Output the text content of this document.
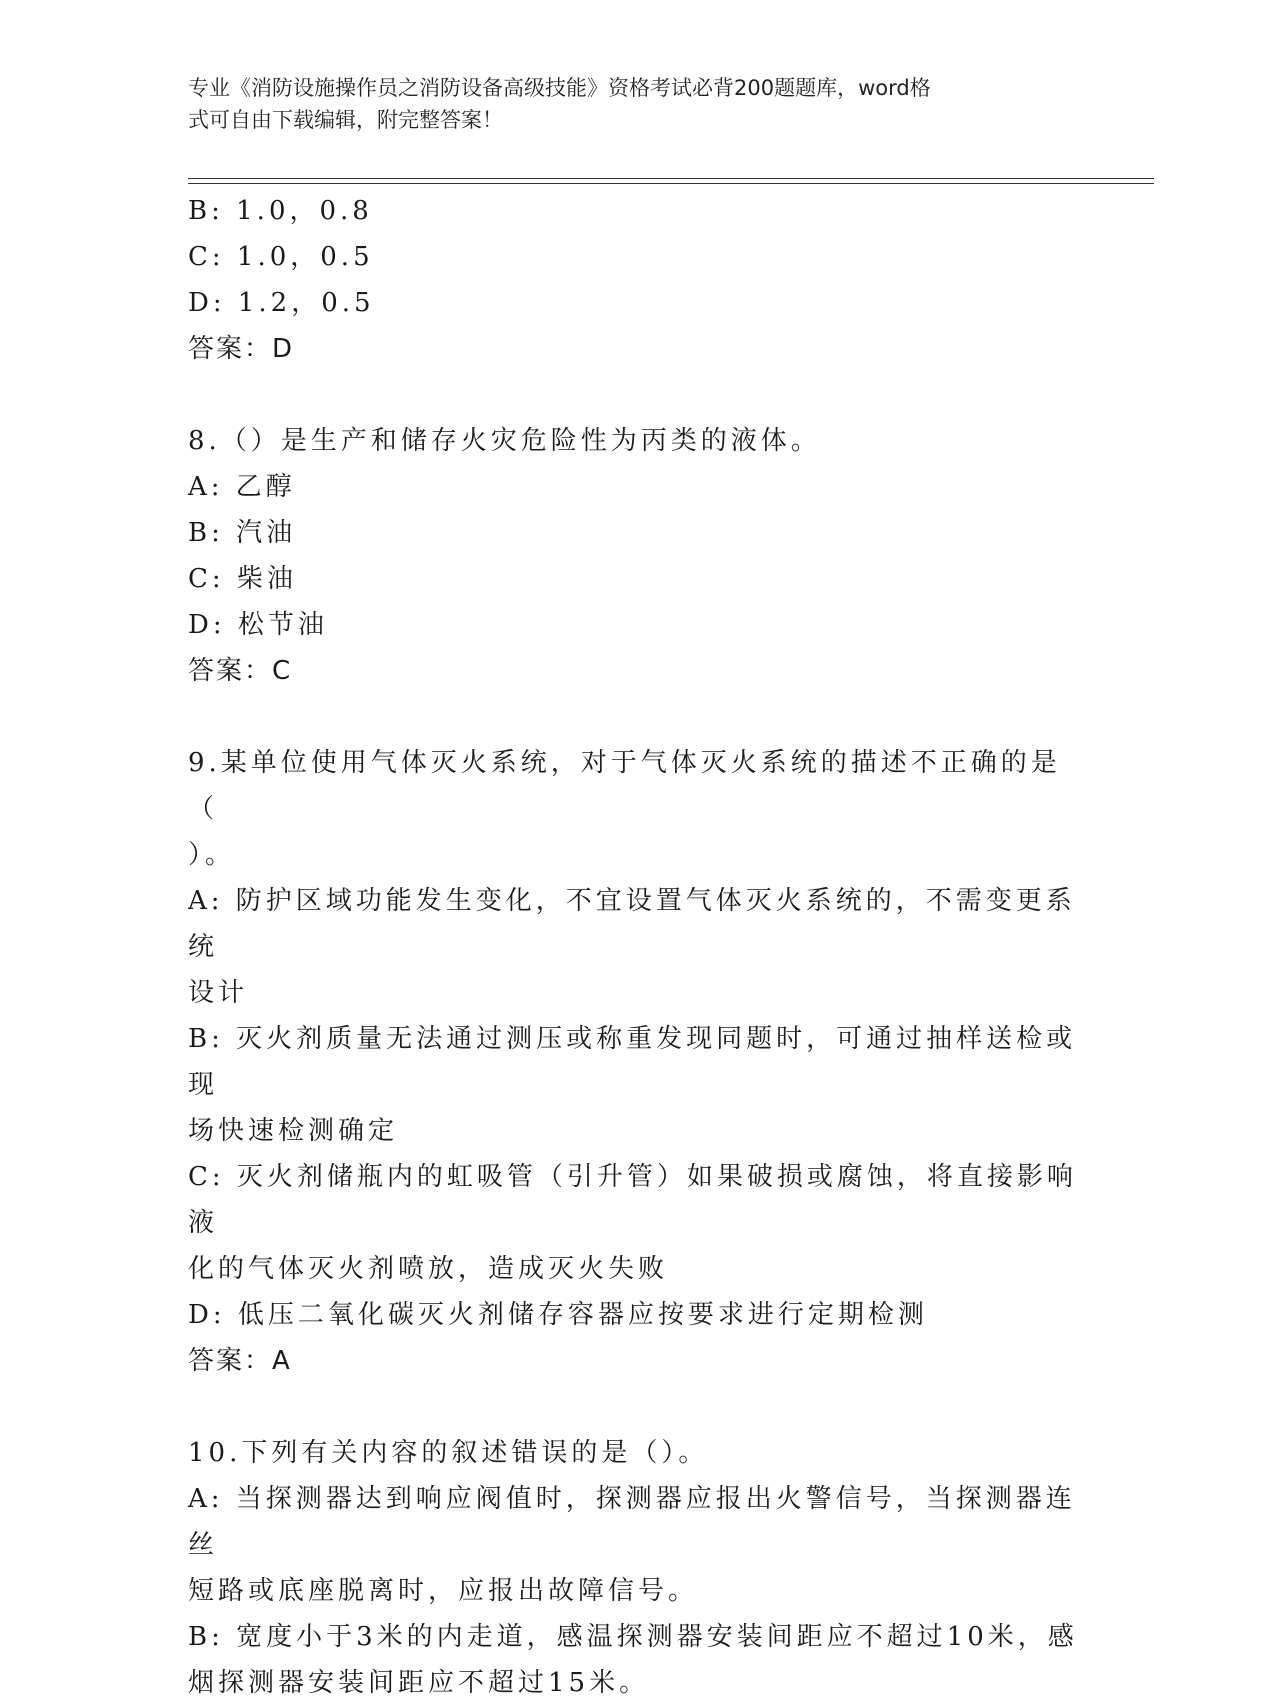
专业《消防设施操作员之消防设备高级技能》资格考试必背200题题库，word格
式可自由下载编辑，附完整答案！
B: 1.0，0.8
C: 1.0，0.5
D: 1.2，0.5
答案：D
8.（）是生产和储存火灾危险性为丙类的液体。
A: 乙醇
B: 汽油
C: 柴油
D: 松节油
答案：C
9.某单位使用气体灭火系统，对于气体灭火系统的描述不正确的是（
）。
A: 防护区域功能发生变化，不宜设置气体灭火系统的，不需变更系统
设计
B: 灭火剂质量无法通过测压或称重发现同题时，可通过抽样送检或现
场快速检测确定
C: 灭火剂储瓶内的虹吸管（引升管）如果破损或腐蚀，将直接影响液
化的气体灭火剂喷放，造成灭火失败
D: 低压二氧化碳灭火剂储存容器应按要求进行定期检测
答案：A
10.下列有关内容的叙述错误的是（）。
A: 当探测器达到响应阀值时，探测器应报出火警信号，当探测器连丝
短路或底座脱离时，应报出故障信号。
B: 宽度小于3米的内走道，感温探测器安装间距应不超过10米，感
烟探测器安装间距应不超过15米。
